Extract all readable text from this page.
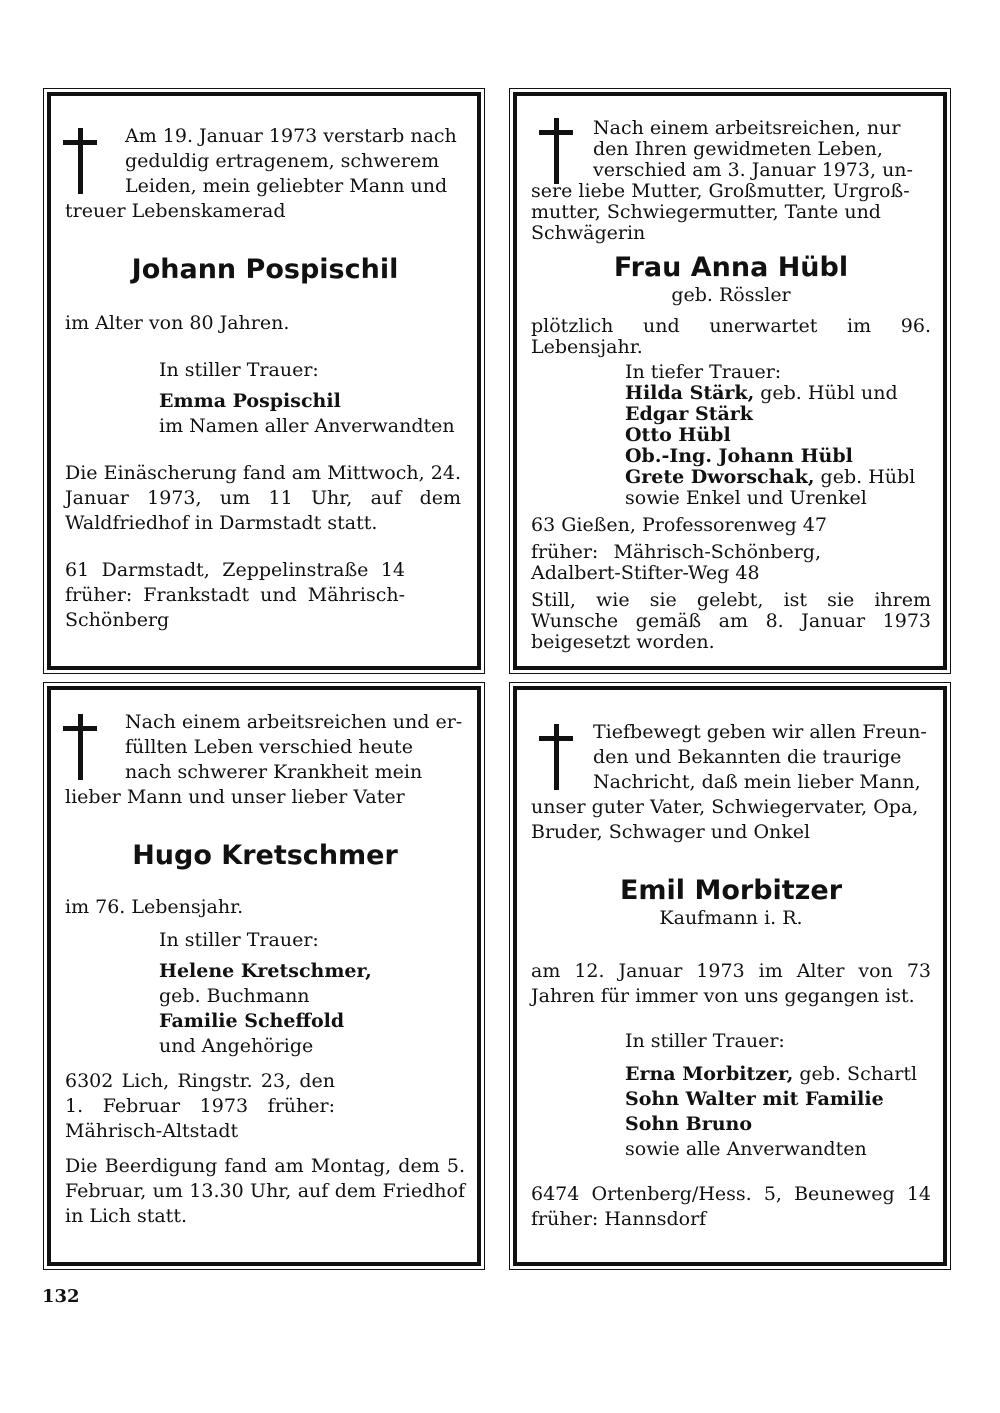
Am 19. Januar 1973 verstarb nach

geduldig ertragenem, schwerem

Leiden, mein geliebter Mann und

treuer Lebenskamerad

Johann Pospischil

im Alter von 80 Jahren.

In stiller Trauer:

Emma Pospischil

im Namen aller Anverwandten

Die Einäscherung fand am Mittwoch, 24. Januar 1973, um 11 Uhr, auf dem Waldfriedhof in Darmstadt statt.

61 Darmstadt, Zeppelinstraße 14 früher: Frankstadt und Mährisch-Schönberg

Nach einem arbeitsreichen, nur

den Ihren gewidmeten Leben,

verschied am 3. Januar 1973, un-

sere liebe Mutter, Großmutter, Urgroß-

mutter, Schwiegermutter, Tante und

Schwägerin

Frau Anna Hübl

geb. Rössler

plötzlich und unerwartet im 96. Lebensjahr.

In tiefer Trauer:

Hilda Stärk, geb. Hübl und

Edgar Stärk

Otto Hübl

Ob.-Ing. Johann Hübl

Grete Dworschak, geb. Hübl

sowie Enkel und Urenkel

63 Gießen, Professorenweg 47

früher: Mährisch-Schönberg, Adalbert-Stifter-Weg 48

Still, wie sie gelebt, ist sie ihrem Wunsche gemäß am 8. Januar 1973 beigesetzt worden.

Nach einem arbeitsreichen und er-

füllten Leben verschied heute

nach schwerer Krankheit mein

lieber Mann und unser lieber Vater

Hugo Kretschmer

im 76. Lebensjahr.

In stiller Trauer:

Helene Kretschmer,

geb. Buchmann

Familie Scheffold

und Angehörige

6302 Lich, Ringstr. 23, den 1. Februar 1973 früher: Mährisch-Altstadt

Die Beerdigung fand am Montag, dem 5. Februar, um 13.30 Uhr, auf dem Friedhof in Lich statt.

Tiefbewegt geben wir allen Freun-

den und Bekannten die traurige

Nachricht, daß mein lieber Mann,

unser guter Vater, Schwiegervater, Opa,

Bruder, Schwager und Onkel

Emil Morbitzer

Kaufmann i. R.

am 12. Januar 1973 im Alter von 73 Jahren für immer von uns gegangen ist.

In stiller Trauer:

Erna Morbitzer, geb. Schartl

Sohn Walter mit Familie

Sohn Bruno

sowie alle Anverwandten

6474 Ortenberg/Hess. 5, Beuneweg 14 früher: Hannsdorf

132
